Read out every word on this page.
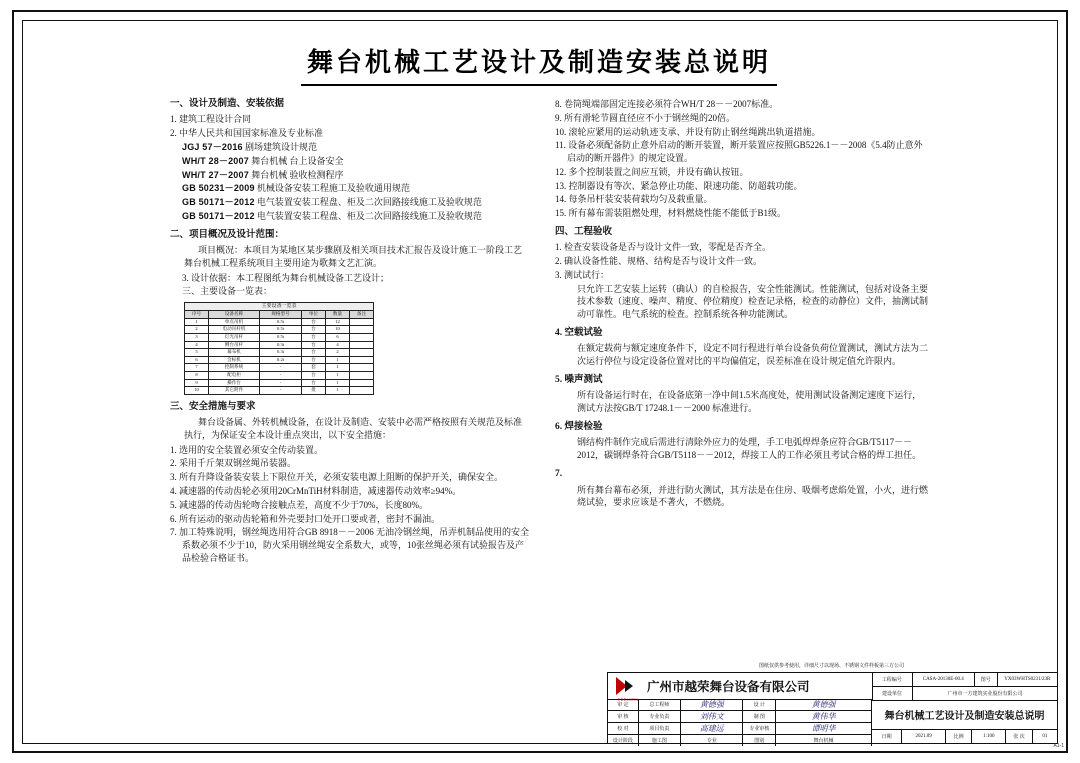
舞台机械工艺设计及制造安装总说明
一、设计及制造、安装依据
1. 建筑工程设计合同
2. 中华人民共和国国家标准及专业标准
JGJ 57－2016 剧场建筑设计规范
WH/T 28－2007 舞台机械 台上设备安全
WH/T 27－2007 舞台机械 验收检测程序
GB 50231－2009 机械设备安装工程施工及验收通用规范
GB 50171－2012 电气装置安装工程盘、柜及二次回路接线施工及验收规范
GB 50171－2012 电气装置安装工程盘、柜及二次回路接线施工及验收规范
二、项目概况及设计范围：
项目概况：本项目为某地区某步骤剧及相关项目技术汇报告及设计施工一阶段工艺舞台机械工程系统项目主要用途为歌舞文艺汇演。
3. 设计依据：本工程图纸为舞台机械设备工艺设计；
三、主要设备一览表：
主要设备一览表
序号	设备名称	规格型号	单位	数量	备注
1	单点吊机	0.5t	台	12	
2	电动吊杆机	0.5t	台	10	
3	灯光吊杆	0.5t	台	6	
4	侧台吊杆	0.3t	台	4	
5	幕布机	0.3t	台	2	
6	会标机	0.2t	台	1	
7	控制系统	-	套	1	
8	配电柜	-	台	1	
9	操作台	-	台	1	
10	其它附件	-	批	1	
三、安全措施与要求
舞台设备属、外转机械设备，在设计及制造、安装中必需严格按照有关规范及标准执行，为保证安全本设计重点突出，以下安全措施：
1. 选用的安全装置必须安全传动装置。
2. 采用千斤架双钢丝绳吊装器。
3. 所有升降设备装安装上下限位开关，必须安装电源上阻断的保护开关，确保安全。
4. 减速器的传动齿轮必须用20CrMnTiH材料制造，减速器传动效率≥94%。
5. 减速器的传动齿轮吻合接触点差，高度不少于70%，长度80%。
6. 所有运动的驱动齿轮箱和外壳要封口处开口要或者，密封不漏油。
7. 加工特殊说明，钢丝绳选用符合GB 8918－－2006 无油冷钢丝绳，吊弄机制品使用的安全系数必须不少于10，防火采用钢丝绳安全系数大，或等，10张丝绳必须有试验报告及产品检验合格证书。
8. 卷筒绳端部固定连接必须符合WH/T 28－－2007标准。
9. 所有滑轮节圆直径应不小于钢丝绳的20倍。
10. 滚轮应紧用的运动轨迹支承、并设有防止钢丝绳跳出轨道措施。
11. 设备必须配备防止意外启动的断开装置，断开装置应按照GB5226.1－－2008《5.4防止意外启动的断开器件》的规定设置。
12. 多个控制装置之间应互锁，并设有确认按钮。
13. 控制器设有等次、紧急停止功能、限速功能、防超载功能。
14. 每条吊杆装安装荷载均匀及载重量。
15. 所有幕布需装阻燃处理，材料燃烧性能不能低于B1级。
四、工程验收
1. 检查安装设备是否与设计文件一致，零配是否齐全。
2. 确认设备性能、规格、结构是否与设计文件一致。
3. 测试试行：
只允许工艺安装上运转（确认）的自检报告，安全性能测试。性能测试，包括对设备主要技术参数（速度、噪声、精度、停位精度）检查记录格，检查的动静位）文件，抽测试制动可靠性。电气系统的检查。控制系统各种功能测试。
4. 空载试验
在额定载荷与额定速度条件下，设定不同行程进行单台设备负荷位置测试，测试方法为二次运行停位与设定设备位置对比的平均偏值定，误差标准在设计规定值允许限内。
5. 噪声测试
所有设备运行时在，在设备底第一净中间1.5米高度处，使用测试设备测定速度下运行，测试方法按GB/T 17248.1－－2000 标准进行。
6. 焊接检验
钢结构件制作完成后需进行清除外应力的处理，手工电弧焊焊条应符合GB/T5117－－2012，碳钢焊条符合GB/T5118－－2012，焊接工人的工作必须且考试合格的焊工担任。
7.
所有舞台幕布必须，并进行防火测试，其方法是在住房、吸烟考虑焰处置，小火，进行燃烧试验，要求应该是不著火，不燃烧。
图纸仅供参考使用，详细尺寸以现场、不锈钢文件样板第三方公司
YUELONG
广州市越荣舞台设备有限公司	工程编号	CASA-20130E-00.4	图号	YX03WHTS0231/23R
建设单位	广州市一方建筑实业股份有限公司
审 定	总工程师	黄德强	设 计	黄德强
审 核	专业负责	刘伟文	制 图	黄伟华
校 对	项目负责	高建远	专业审核	谭明华
设计阶段	施工图	专业	图别	舞台机械
舞台机械工艺设计及制造安装总说明
日期	2021.09	比例	1:100	张 次	01
A1-1
